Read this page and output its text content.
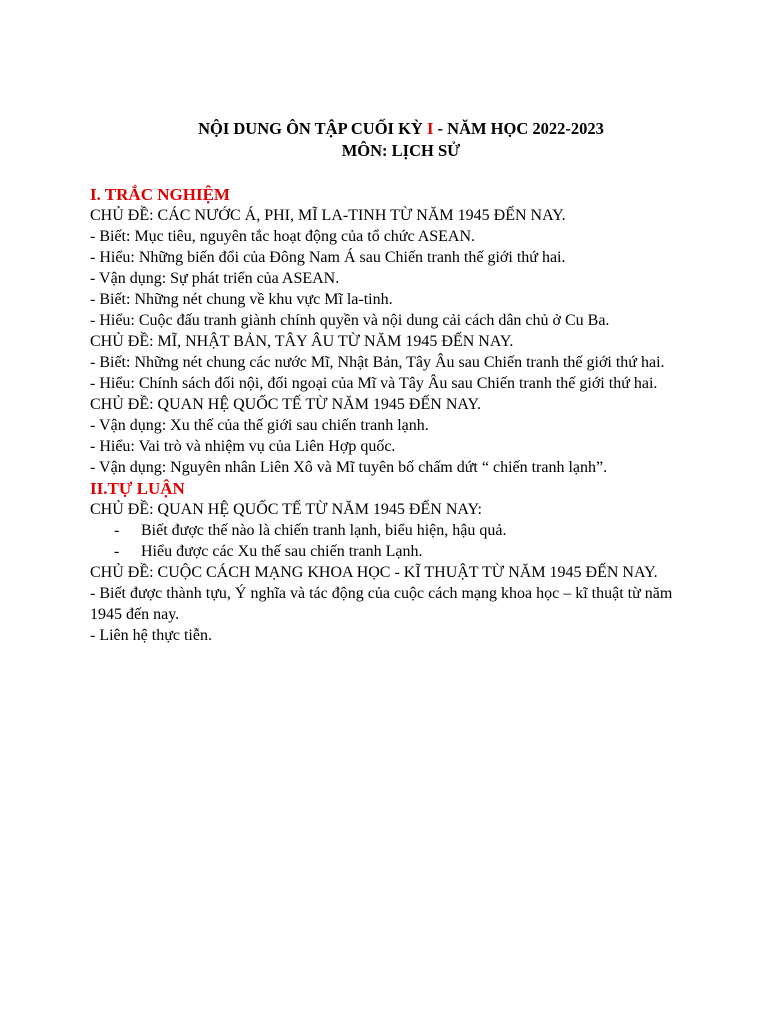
NỘI DUNG ÔN TẬP CUỐI KỲ I - NĂM HỌC 2022-2023
MÔN: LỊCH SỬ
I. TRẮC NGHIỆM
CHỦ ĐỀ: CÁC NƯỚC Á, PHI, MĨ LA-TINH TỪ NĂM 1945 ĐẾN NAY.
- Biết: Mục tiêu, nguyên tắc hoạt động của tổ chức ASEAN.
- Hiểu: Những biến đổi của Đông Nam Á sau Chiến tranh thế giới thứ hai.
- Vận dụng: Sự phát triển của ASEAN.
- Biết: Những nét chung về khu vực Mĩ la-tinh.
- Hiểu: Cuộc đấu tranh giành chính quyền và nội dung cải cách dân chủ ở Cu Ba.
CHỦ ĐỀ: MĨ, NHẬT BẢN, TÂY ÂU TỪ NĂM 1945 ĐẾN NAY.
- Biết: Những nét chung các nước Mĩ, Nhật Bản, Tây Âu sau Chiến tranh thế giới thứ hai.
- Hiểu: Chính sách đối nội, đối ngoại của Mĩ và Tây Âu sau Chiến tranh thế giới thứ hai.
CHỦ ĐỀ: QUAN HỆ QUỐC TẾ TỪ NĂM 1945 ĐẾN NAY.
- Vận dụng: Xu thế của thế giới sau chiến tranh lạnh.
- Hiểu: Vai trò và nhiệm vụ của Liên Hợp quốc.
- Vận dụng: Nguyên nhân Liên Xô và Mĩ tuyên bố chấm dứt “ chiến tranh lạnh”.
II.TỰ LUẬN
CHỦ ĐỀ: QUAN HỆ QUỐC TẾ TỪ NĂM 1945 ĐẾN NAY:
- Biết được thế nào là chiến tranh lạnh, biểu hiện, hậu quả.
- Hiểu được các Xu thế sau chiến tranh Lạnh.
CHỦ ĐỀ: CUỘC CÁCH MẠNG KHOA HỌC - KĨ THUẬT TỪ NĂM 1945 ĐẾN NAY.
- Biết được thành tựu, Ý nghĩa và tác động của cuộc cách mạng khoa học – kĩ thuật từ năm 1945 đến nay.
- Liên hệ thực tiễn.
